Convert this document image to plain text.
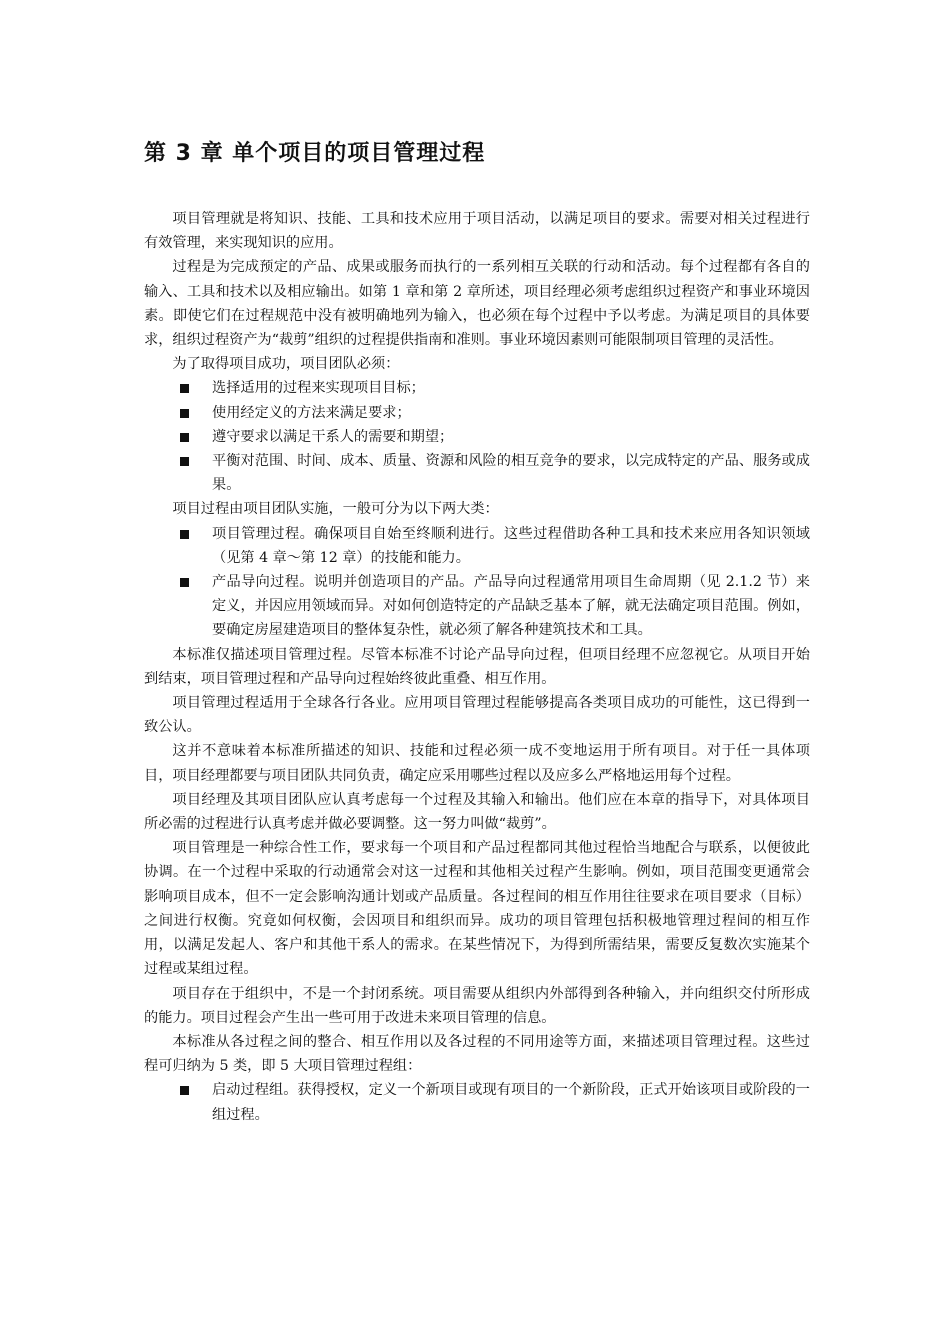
第 3 章 单个项目的项目管理过程

项目管理就是将知识、技能、工具和技术应用于项目活动，以满足项目的要求。需要对相关过程进行有效管理，来实现知识的应用。

过程是为完成预定的产品、成果或服务而执行的一系列相互关联的行动和活动。每个过程都有各自的输入、工具和技术以及相应输出。如第 1 章和第 2 章所述，项目经理必须考虑组织过程资产和事业环境因素。即使它们在过程规范中没有被明确地列为输入，也必须在每个过程中予以考虑。为满足项目的具体要求，组织过程资产为“裁剪”组织的过程提供指南和准则。事业环境因素则可能限制项目管理的灵活性。

为了取得项目成功，项目团队必须：

选择适用的过程来实现项目目标；
使用经定义的方法来满足要求；
遵守要求以满足干系人的需要和期望；
平衡对范围、时间、成本、质量、资源和风险的相互竞争的要求，以完成特定的产品、服务或成果。

项目过程由项目团队实施，一般可分为以下两大类：

项目管理过程。确保项目自始至终顺利进行。这些过程借助各种工具和技术来应用各知识领域（见第 4 章～第 12 章）的技能和能力。
产品导向过程。说明并创造项目的产品。产品导向过程通常用项目生命周期（见 2.1.2 节）来定义，并因应用领域而异。对如何创造特定的产品缺乏基本了解，就无法确定项目范围。例如，要确定房屋建造项目的整体复杂性，就必须了解各种建筑技术和工具。

本标准仅描述项目管理过程。尽管本标准不讨论产品导向过程，但项目经理不应忽视它。从项目开始到结束，项目管理过程和产品导向过程始终彼此重叠、相互作用。

项目管理过程适用于全球各行各业。应用项目管理过程能够提高各类项目成功的可能性，这已得到一致公认。

这并不意味着本标准所描述的知识、技能和过程必须一成不变地运用于所有项目。对于任一具体项目，项目经理都要与项目团队共同负责，确定应采用哪些过程以及应多么严格地运用每个过程。

项目经理及其项目团队应认真考虑每一个过程及其输入和输出。他们应在本章的指导下，对具体项目所必需的过程进行认真考虑并做必要调整。这一努力叫做“裁剪”。

项目管理是一种综合性工作，要求每一个项目和产品过程都同其他过程恰当地配合与联系，以便彼此协调。在一个过程中采取的行动通常会对这一过程和其他相关过程产生影响。例如，项目范围变更通常会影响项目成本，但不一定会影响沟通计划或产品质量。各过程间的相互作用往往要求在项目要求（目标）之间进行权衡。究竟如何权衡，会因项目和组织而异。成功的项目管理包括积极地管理过程间的相互作用，以满足发起人、客户和其他干系人的需求。在某些情况下，为得到所需结果，需要反复数次实施某个过程或某组过程。

项目存在于组织中，不是一个封闭系统。项目需要从组织内外部得到各种输入，并向组织交付所形成的能力。项目过程会产生出一些可用于改进未来项目管理的信息。

本标准从各过程之间的整合、相互作用以及各过程的不同用途等方面，来描述项目管理过程。这些过程可归纳为 5 类，即 5 大项目管理过程组：

启动过程组。获得授权，定义一个新项目或现有项目的一个新阶段，正式开始该项目或阶段的一组过程。
